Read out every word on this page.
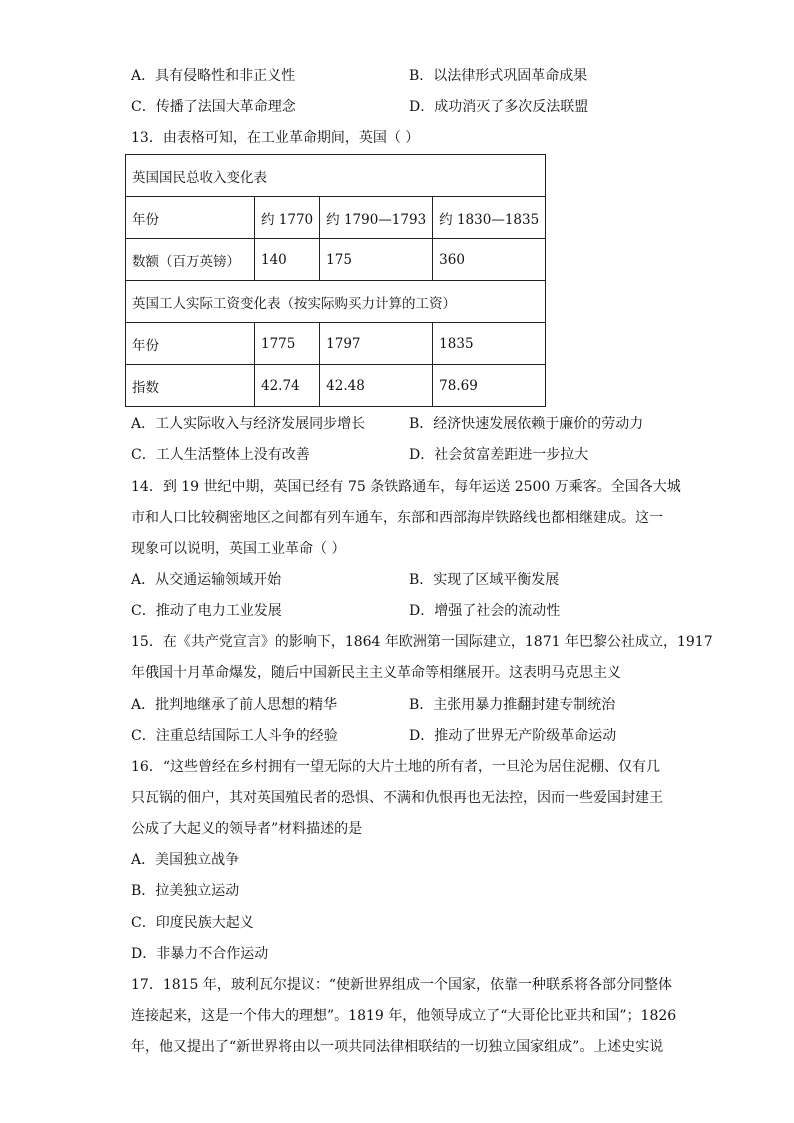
A．具有侵略性和非正义性	B．以法律形式巩固革命成果
C．传播了法国大革命理念	D．成功消灭了多次反法联盟
13．由表格可知，在工业革命期间，英国（ ）
英国国民总收入变化表			
年份	约 1770	约 1790—1793	约 1830—1835
数额（百万英镑）	140	175	360
英国工人实际工资变化表（按实际购买力计算的工资）			
年份	1775	1797	1835
指数	42.74	42.48	78.69
A．工人实际收入与经济发展同步增长	B．经济快速发展依赖于廉价的劳动力
C．工人生活整体上没有改善	D．社会贫富差距进一步拉大
14．到 19 世纪中期，英国已经有 75 条铁路通车，每年运送 2500 万乘客。全国各大城
市和人口比较稠密地区之间都有列车通车，东部和西部海岸铁路线也都相继建成。这一
现象可以说明，英国工业革命（ ）
A．从交通运输领域开始	B．实现了区域平衡发展
C．推动了电力工业发展	D．增强了社会的流动性
15．在《共产党宣言》的影响下，1864 年欧洲第一国际建立，1871 年巴黎公社成立，1917
年俄国十月革命爆发，随后中国新民主主义革命等相继展开。这表明马克思主义
A．批判地继承了前人思想的精华	B．主张用暴力推翻封建专制统治
C．注重总结国际工人斗争的经验	D．推动了世界无产阶级革命运动
16．“这些曾经在乡村拥有一望无际的大片土地的所有者，一旦沦为居住泥棚、仅有几
只瓦锅的佃户，其对英国殖民者的恐惧、不满和仇恨再也无法控，因而一些爱国封建王
公成了大起义的领导者”材料描述的是
A．美国独立战争
B．拉美独立运动
C．印度民族大起义
D．非暴力不合作运动
17．1815 年，玻利瓦尔提议：“使新世界组成一个国家，依靠一种联系将各部分同整体
连接起来，这是一个伟大的理想”。1819 年，他领导成立了“大哥伦比亚共和国”；1826
年，他又提出了“新世界将由以一项共同法律相联结的一切独立国家组成”。上述史实说
